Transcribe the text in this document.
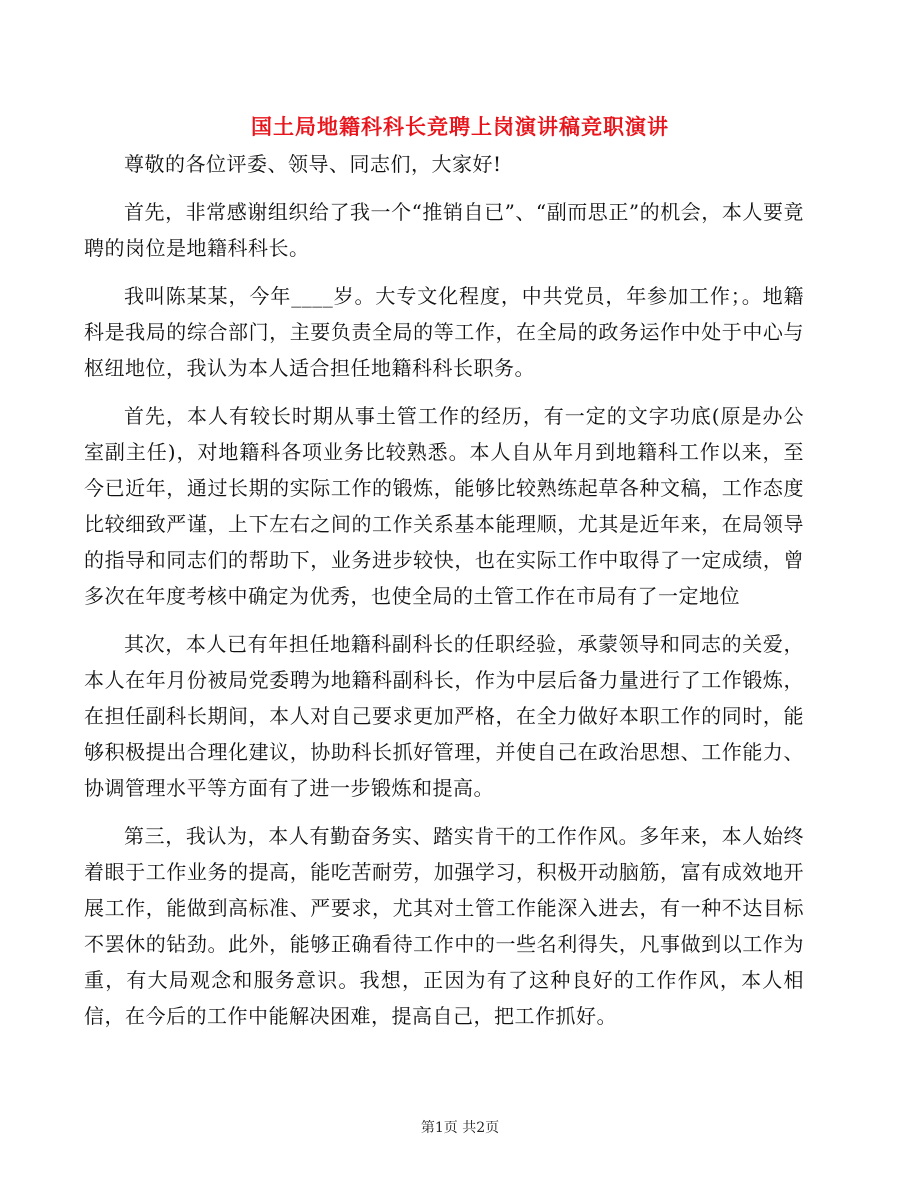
国土局地籍科科长竞聘上岗演讲稿竞职演讲

尊敬的各位评委、领导、同志们，大家好!

首先，非常感谢组织给了我一个“推销自已”、“副而思正”的机会，本人要竟聘的岗位是地籍科科长。

我叫陈某某，今年____岁。大专文化程度，中共党员，年参加工作；。地籍科是我局的综合部门，主要负责全局的等工作，在全局的政务运作中处于中心与枢纽地位，我认为本人适合担任地籍科科长职务。

首先，本人有较长时期从事土管工作的经历，有一定的文字功底(原是办公室副主任)，对地籍科各项业务比较熟悉。本人自从年月到地籍科工作以来，至今已近年，通过长期的实际工作的锻炼，能够比较熟练起草各种文稿，工作态度比较细致严谨，上下左右之间的工作关系基本能理顺，尤其是近年来，在局领导的指导和同志们的帮助下，业务进步较快，也在实际工作中取得了一定成绩，曾多次在年度考核中确定为优秀，也使全局的土管工作在市局有了一定地位

其次，本人已有年担任地籍科副科长的任职经验，承蒙领导和同志的关爱，本人在年月份被局党委聘为地籍科副科长，作为中层后备力量进行了工作锻炼，在担任副科长期间，本人对自己要求更加严格，在全力做好本职工作的同时，能够积极提出合理化建议，协助科长抓好管理，并使自己在政治思想、工作能力、协调管理水平等方面有了进一步锻炼和提高。

第三，我认为，本人有勤奋务实、踏实肯干的工作作风。多年来，本人始终着眼于工作业务的提高，能吃苦耐劳，加强学习，积极开动脑筋，富有成效地开展工作，能做到高标准、严要求，尤其对土管工作能深入进去，有一种不达目标不罢休的钻劲。此外，能够正确看待工作中的一些名利得失，凡事做到以工作为重，有大局观念和服务意识。我想，正因为有了这种良好的工作作风，本人相信，在今后的工作中能解决困难，提高自己，把工作抓好。

第1页 共2页
